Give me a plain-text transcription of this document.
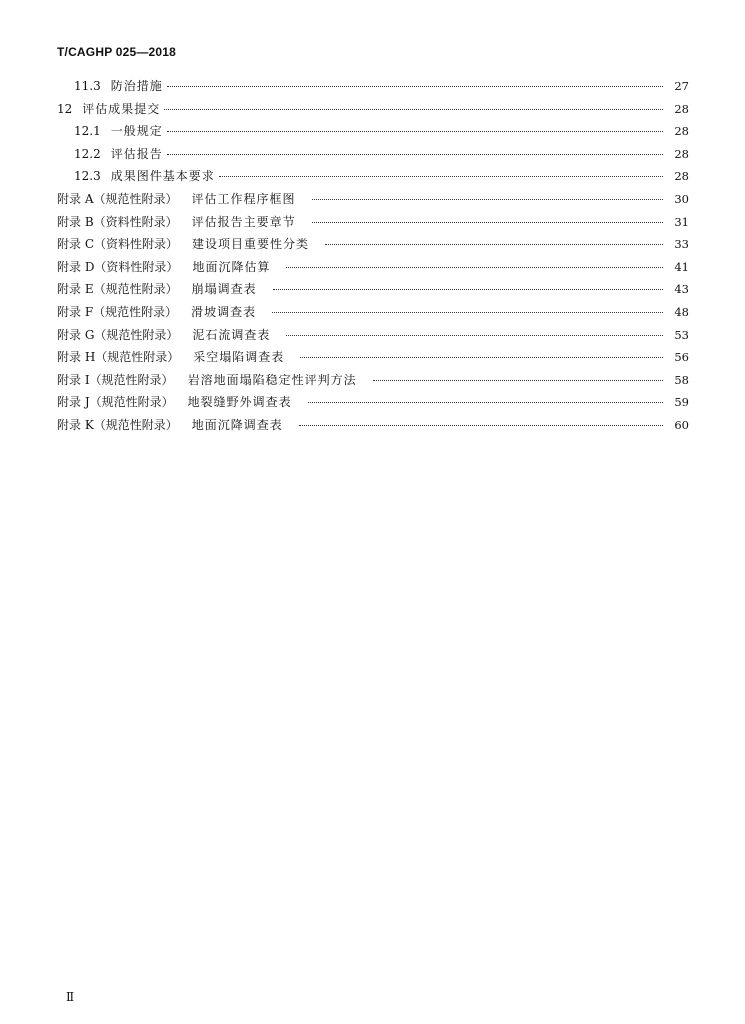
T/CAGHP 025—2018
11.3 防治措施	27
12 评估成果提交	28
12.1 一般规定	28
12.2 评估报告	28
12.3 成果图件基本要求	28
附录 A（规范性附录） 评估工作程序框图	30
附录 B（资料性附录） 评估报告主要章节	31
附录 C（资料性附录） 建设项目重要性分类	33
附录 D（资料性附录） 地面沉降估算	41
附录 E（规范性附录） 崩塌调查表	43
附录 F（规范性附录） 滑坡调查表	48
附录 G（规范性附录） 泥石流调查表	53
附录 H（规范性附录） 采空塌陷调查表	56
附录 I（规范性附录） 岩溶地面塌陷稳定性评判方法	58
附录 J（规范性附录） 地裂缝野外调查表	59
附录 K（规范性附录） 地面沉降调查表	60
Ⅱ
